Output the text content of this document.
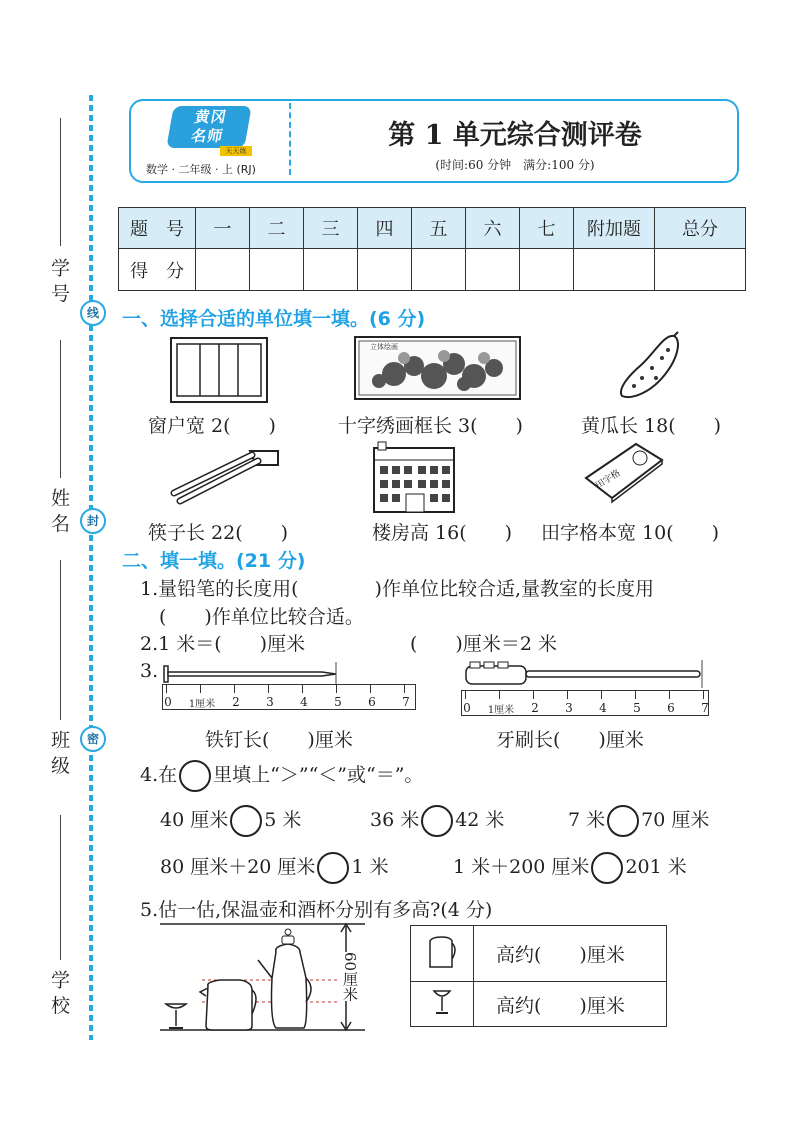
学 号
姓 名
班 级
学 校
线
封
密
黄冈名师
天天练
数学 · 二年级 · 上 (RJ)
第 1 单元综合测评卷
(时间:60 分钟　满分:100 分)
题　号	一	二	三	四	五	六	七	附加题	总分
得　分									
一、选择合适的单位填一填。(6 分)
立体绘画
窗户宽 2(　　)	十字绣画框长 3(　　)	黄瓜长 18(　　)
田字格
筷子长 22(　　)	楼房高 16(　　) 田字格本宽 10(　　)
二、填一填。(21 分)
1.量铅笔的长度用(　　　　)作单位比较合适,量教室的长度用
(　　)作单位比较合适。
2.1 米＝(　　)厘米	(　　)厘米＝2 米
3.
0 1厘米 2 3 4 5 6 7	0 1厘米 2 3 4 5 6 7
铁钉长(　　)厘米	牙刷长(　　)厘米
4.在 里填上“＞”“＜”或“＝”。
40 厘米 5 米	36 米 42 米	7 米 70 厘米
80 厘米＋20 厘米 1 米	1 米＋200 厘米 201 米
5.估一估,保温壶和酒杯分别有多高?(4 分)
60厘米
		高约(　　)厘米
	高约(　　)厘米
